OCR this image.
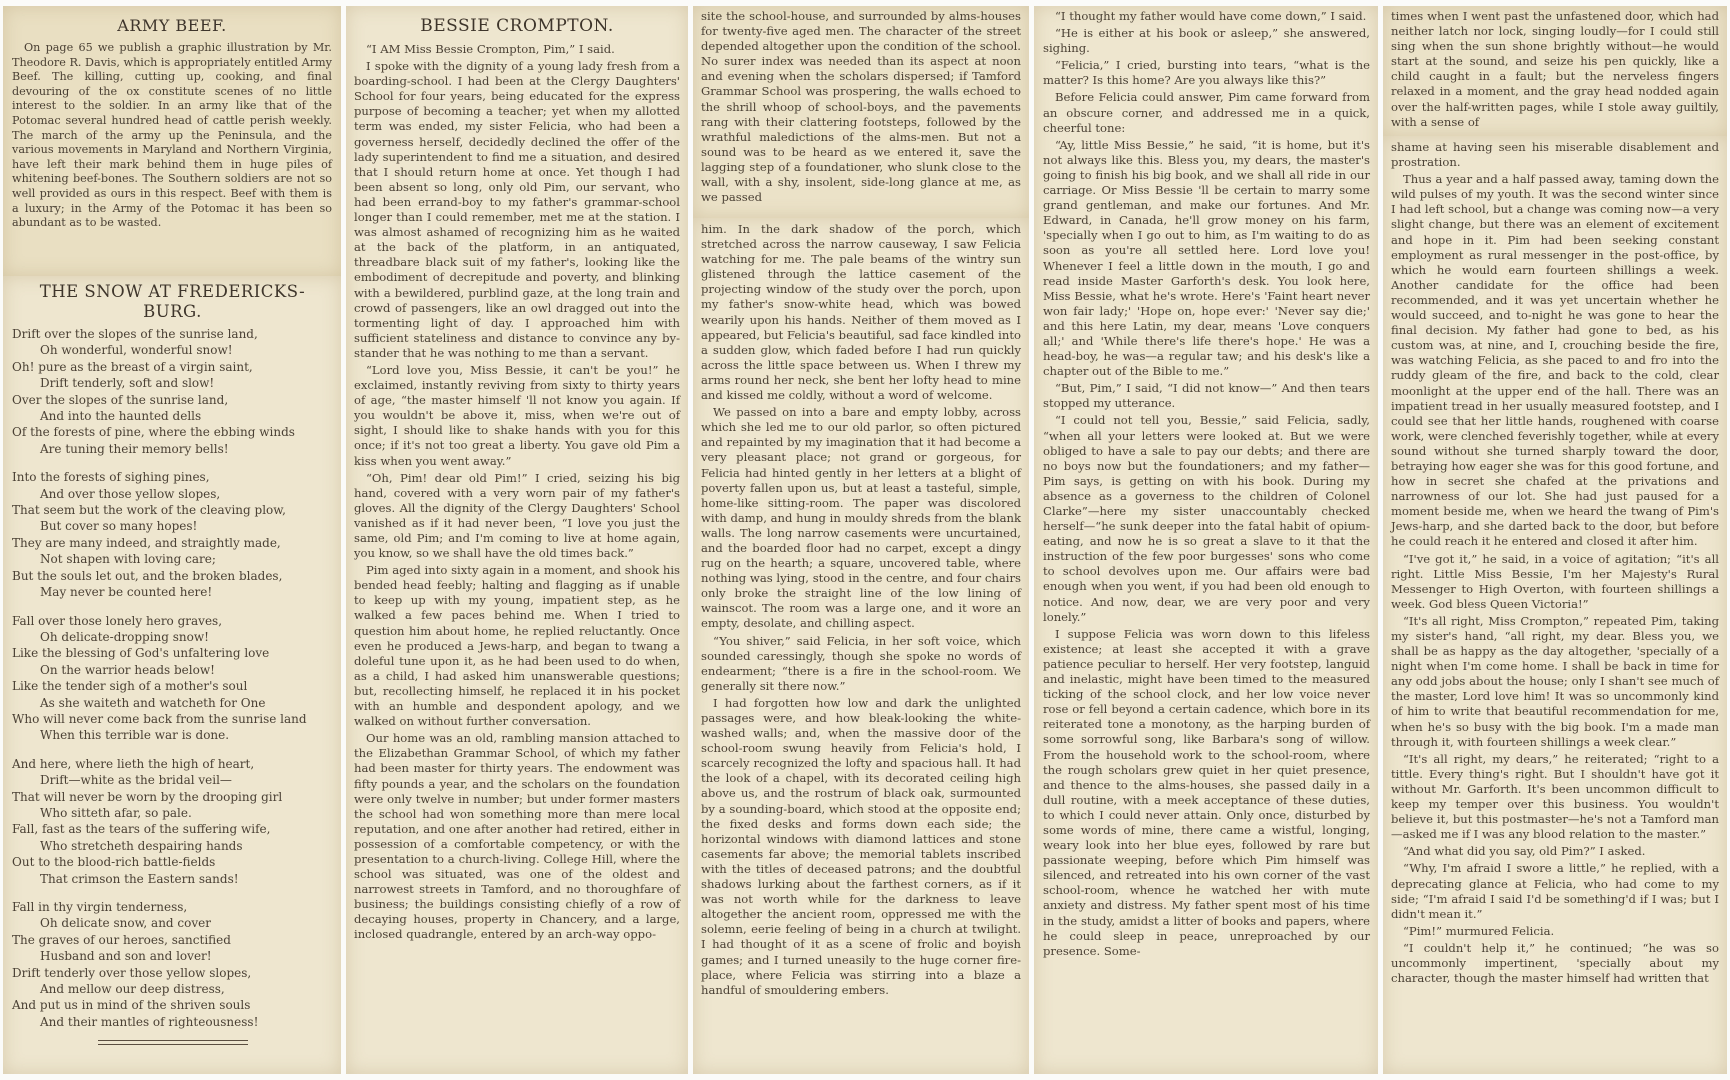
ARMY BEEF.

On page 65 we publish a graphic illustration by Mr. Theodore R. Davis, which is appropriately entitled Army Beef. The killing, cutting up, cooking, and final devouring of the ox constitute scenes of no little interest to the soldier. In an army like that of the Potomac several hundred head of cattle perish weekly. The march of the army up the Peninsula, and the various movements in Maryland and Northern Virginia, have left their mark behind them in huge piles of whitening beef-bones. The Southern soldiers are not so well provided as ours in this respect. Beef with them is a luxury; in the Army of the Potomac it has been so abundant as to be wasted.

THE SNOW AT FREDERICKS-
BURG.
Drift over the slopes of the sunrise land,
Oh wonderful, wonderful snow!
Oh! pure as the breast of a virgin saint,
Drift tenderly, soft and slow!
Over the slopes of the sunrise land,
And into the haunted dells
Of the forests of pine, where the ebbing winds
Are tuning their memory bells!
Into the forests of sighing pines,
And over those yellow slopes,
That seem but the work of the cleaving plow,
But cover so many hopes!
They are many indeed, and straightly made,
Not shapen with loving care;
But the souls let out, and the broken blades,
May never be counted here!
Fall over those lonely hero graves,
Oh delicate-dropping snow!
Like the blessing of God's unfaltering love
On the warrior heads below!
Like the tender sigh of a mother's soul
As she waiteth and watcheth for One
Who will never come back from the sunrise land
When this terrible war is done.
And here, where lieth the high of heart,
Drift—white as the bridal veil—
That will never be worn by the drooping girl
Who sitteth afar, so pale.
Fall, fast as the tears of the suffering wife,
Who stretcheth despairing hands
Out to the blood-rich battle-fields
That crimson the Eastern sands!
Fall in thy virgin tenderness,
Oh delicate snow, and cover
The graves of our heroes, sanctified
Husband and son and lover!
Drift tenderly over those yellow slopes,
And mellow our deep distress,
And put us in mind of the shriven souls
And their mantles of righteousness!
BESSIE CROMPTON.

“I AM Miss Bessie Crompton, Pim,” I said.

I spoke with the dignity of a young lady fresh from a boarding-school. I had been at the Clergy Daughters' School for four years, being educated for the express purpose of becoming a teacher; yet when my allotted term was ended, my sister Felicia, who had been a governess herself, decidedly declined the offer of the lady superintendent to find me a situation, and desired that I should return home at once. Yet though I had been absent so long, only old Pim, our servant, who had been errand-boy to my father's grammar-school longer than I could remember, met me at the station. I was almost ashamed of recognizing him as he waited at the back of the platform, in an antiquated, threadbare black suit of my father's, looking like the embodiment of decrepitude and poverty, and blinking with a bewildered, purblind gaze, at the long train and crowd of passengers, like an owl dragged out into the tormenting light of day. I approached him with sufficient stateliness and distance to convince any by-stander that he was nothing to me than a servant.

“Lord love you, Miss Bessie, it can't be you!” he exclaimed, instantly reviving from sixty to thirty years of age, “the master himself 'll not know you again. If you wouldn't be above it, miss, when we're out of sight, I should like to shake hands with you for this once; if it's not too great a liberty. You gave old Pim a kiss when you went away.”

“Oh, Pim! dear old Pim!” I cried, seizing his big hand, covered with a very worn pair of my father's gloves. All the dignity of the Clergy Daughters' School vanished as if it had never been, “I love you just the same, old Pim; and I'm coming to live at home again, you know, so we shall have the old times back.”

Pim aged into sixty again in a moment, and shook his bended head feebly; halting and flagging as if unable to keep up with my young, impatient step, as he walked a few paces behind me. When I tried to question him about home, he replied reluctantly. Once even he produced a Jews-harp, and began to twang a doleful tune upon it, as he had been used to do when, as a child, I had asked him unanswerable questions; but, recollecting himself, he replaced it in his pocket with an humble and despondent apology, and we walked on without further conversation.

Our home was an old, rambling mansion attached to the Elizabethan Grammar School, of which my father had been master for thirty years. The endowment was fifty pounds a year, and the scholars on the foundation were only twelve in number; but under former masters the school had won something more than mere local reputation, and one after another had retired, either in possession of a comfortable competency, or with the presentation to a church-living. College Hill, where the school was situated, was one of the oldest and narrowest streets in Tamford, and no thoroughfare of business; the buildings consisting chiefly of a row of decaying houses, property in Chancery, and a large, inclosed quadrangle, entered by an arch-way oppo-

site the school-house, and surrounded by alms-houses for twenty-five aged men. The character of the street depended altogether upon the condition of the school. No surer index was needed than its aspect at noon and evening when the scholars dispersed; if Tamford Grammar School was prospering, the walls echoed to the shrill whoop of school-boys, and the pavements rang with their clattering footsteps, followed by the wrathful maledictions of the alms-men. But not a sound was to be heard as we entered it, save the lagging step of a foundationer, who slunk close to the wall, with a shy, insolent, side-long glance at me, as we passed

him. In the dark shadow of the porch, which stretched across the narrow causeway, I saw Felicia watching for me. The pale beams of the wintry sun glistened through the lattice casement of the projecting window of the study over the porch, upon my father's snow-white head, which was bowed wearily upon his hands. Neither of them moved as I appeared, but Felicia's beautiful, sad face kindled into a sudden glow, which faded before I had run quickly across the little space between us. When I threw my arms round her neck, she bent her lofty head to mine and kissed me coldly, without a word of welcome.

We passed on into a bare and empty lobby, across which she led me to our old parlor, so often pictured and repainted by my imagination that it had become a very pleasant place; not grand or gorgeous, for Felicia had hinted gently in her letters at a blight of poverty fallen upon us, but at least a tasteful, simple, home-like sitting-room. The paper was discolored with damp, and hung in mouldy shreds from the blank walls. The long narrow casements were uncurtained, and the boarded floor had no carpet, except a dingy rug on the hearth; a square, uncovered table, where nothing was lying, stood in the centre, and four chairs only broke the straight line of the low lining of wainscot. The room was a large one, and it wore an empty, desolate, and chilling aspect.

“You shiver,” said Felicia, in her soft voice, which sounded caressingly, though she spoke no words of endearment; “there is a fire in the school-room. We generally sit there now.”

I had forgotten how low and dark the unlighted passages were, and how bleak-looking the white-washed walls; and, when the massive door of the school-room swung heavily from Felicia's hold, I scarcely recognized the lofty and spacious hall. It had the look of a chapel, with its decorated ceiling high above us, and the rostrum of black oak, surmounted by a sounding-board, which stood at the opposite end; the fixed desks and forms down each side; the horizontal windows with diamond lattices and stone casements far above; the memorial tablets inscribed with the titles of deceased patrons; and the doubtful shadows lurking about the farthest corners, as if it was not worth while for the darkness to leave altogether the ancient room, oppressed me with the solemn, eerie feeling of being in a church at twilight. I had thought of it as a scene of frolic and boyish games; and I turned uneasily to the huge corner fire-place, where Felicia was stirring into a blaze a handful of smouldering embers.

“I thought my father would have come down,” I said.

“He is either at his book or asleep,” she answered, sighing.

“Felicia,” I cried, bursting into tears, “what is the matter? Is this home? Are you always like this?”

Before Felicia could answer, Pim came forward from an obscure corner, and addressed me in a quick, cheerful tone:

“Ay, little Miss Bessie,” he said, “it is home, but it's not always like this. Bless you, my dears, the master's going to finish his big book, and we shall all ride in our carriage. Or Miss Bessie 'll be certain to marry some grand gentleman, and make our fortunes. And Mr. Edward, in Canada, he'll grow money on his farm, 'specially when I go out to him, as I'm waiting to do as soon as you're all settled here. Lord love you! Whenever I feel a little down in the mouth, I go and read inside Master Garforth's desk. You look here, Miss Bessie, what he's wrote. Here's 'Faint heart never won fair lady;' 'Hope on, hope ever:' 'Never say die;' and this here Latin, my dear, means 'Love conquers all;' and 'While there's life there's hope.' He was a head-boy, he was—a regular taw; and his desk's like a chapter out of the Bible to me.”

“But, Pim,” I said, “I did not know—” And then tears stopped my utterance.

“I could not tell you, Bessie,” said Felicia, sadly, “when all your letters were looked at. But we were obliged to have a sale to pay our debts; and there are no boys now but the foundationers; and my father—Pim says, is getting on with his book. During my absence as a governess to the children of Colonel Clarke”—here my sister unaccountably checked herself—“he sunk deeper into the fatal habit of opium-eating, and now he is so great a slave to it that the instruction of the few poor burgesses' sons who come to school devolves upon me. Our affairs were bad enough when you went, if you had been old enough to notice. And now, dear, we are very poor and very lonely.”

I suppose Felicia was worn down to this lifeless existence; at least she accepted it with a grave patience peculiar to herself. Her very footstep, languid and inelastic, might have been timed to the measured ticking of the school clock, and her low voice never rose or fell beyond a certain cadence, which bore in its reiterated tone a monotony, as the harping burden of some sorrowful song, like Barbara's song of willow. From the household work to the school-room, where the rough scholars grew quiet in her quiet presence, and thence to the alms-houses, she passed daily in a dull routine, with a meek acceptance of these duties, to which I could never attain. Only once, disturbed by some words of mine, there came a wistful, longing, weary look into her blue eyes, followed by rare but passionate weeping, before which Pim himself was silenced, and retreated into his own corner of the vast school-room, whence he watched her with mute anxiety and distress. My father spent most of his time in the study, amidst a litter of books and papers, where he could sleep in peace, unreproached by our presence. Some-

times when I went past the unfastened door, which had neither latch nor lock, singing loudly—for I could still sing when the sun shone brightly without—he would start at the sound, and seize his pen quickly, like a child caught in a fault; but the nerveless fingers relaxed in a moment, and the gray head nodded again over the half-written pages, while I stole away guiltily, with a sense of

shame at having seen his miserable disablement and prostration.

Thus a year and a half passed away, taming down the wild pulses of my youth. It was the second winter since I had left school, but a change was coming now—a very slight change, but there was an element of excitement and hope in it. Pim had been seeking constant employment as rural messenger in the post-office, by which he would earn fourteen shillings a week. Another candidate for the office had been recommended, and it was yet uncertain whether he would succeed, and to-night he was gone to hear the final decision. My father had gone to bed, as his custom was, at nine, and I, crouching beside the fire, was watching Felicia, as she paced to and fro into the ruddy gleam of the fire, and back to the cold, clear moonlight at the upper end of the hall. There was an impatient tread in her usually measured footstep, and I could see that her little hands, roughened with coarse work, were clenched feverishly together, while at every sound without she turned sharply toward the door, betraying how eager she was for this good fortune, and how in secret she chafed at the privations and narrowness of our lot. She had just paused for a moment beside me, when we heard the twang of Pim's Jews-harp, and she darted back to the door, but before he could reach it he entered and closed it after him.

“I've got it,” he said, in a voice of agitation; “it's all right. Little Miss Bessie, I'm her Majesty's Rural Messenger to High Overton, with fourteen shillings a week. God bless Queen Victoria!”

“It's all right, Miss Crompton,” repeated Pim, taking my sister's hand, “all right, my dear. Bless you, we shall be as happy as the day altogether, 'specially of a night when I'm come home. I shall be back in time for any odd jobs about the house; only I shan't see much of the master, Lord love him! It was so uncommonly kind of him to write that beautiful recommendation for me, when he's so busy with the big book. I'm a made man through it, with fourteen shillings a week clear.”

“It's all right, my dears,” he reiterated; “right to a tittle. Every thing's right. But I shouldn't have got it without Mr. Garforth. It's been uncommon difficult to keep my temper over this business. You wouldn't believe it, but this postmaster—he's not a Tamford man—asked me if I was any blood relation to the master.”

“And what did you say, old Pim?” I asked.

“Why, I'm afraid I swore a little,” he replied, with a deprecating glance at Felicia, who had come to my side; “I'm afraid I said I'd be something'd if I was; but I didn't mean it.”

“Pim!” murmured Felicia.

“I couldn't help it,” he continued; “he was so uncommonly impertinent, 'specially about my character, though the master himself had written that
